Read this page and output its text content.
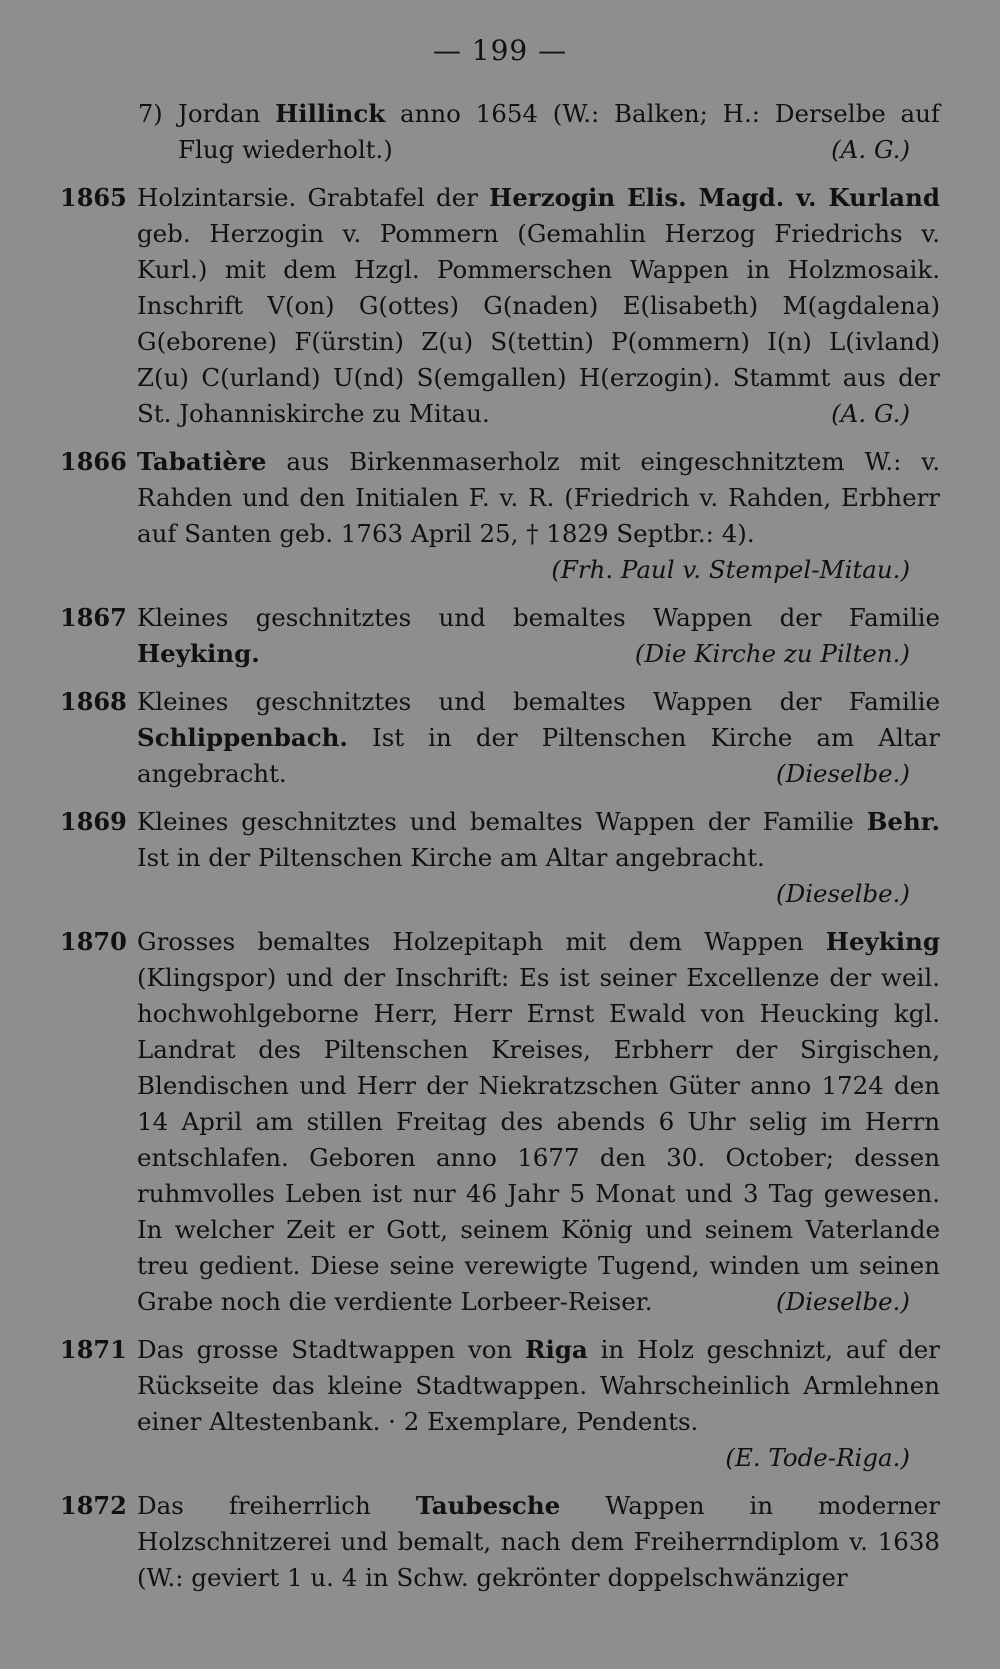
— 199 —
7) Jordan Hillinck anno 1654 (W.: Balken; H.: Derselbe auf Flug wiederholt.)	(A. G.)
1865 Holzintarsie. Grabtafel der Herzogin Elis. Magd. v. Kurland geb. Herzogin v. Pommern (Gemahlin Herzog Friedrichs v. Kurl.) mit dem Hzgl. Pommerschen Wappen in Holzmosaik. Inschrift V(on) G(ottes) G(naden) E(lisabeth) M(agdalena) G(eborene) F(ürstin) Z(u) S(tettin) P(ommern) I(n) L(ivland) Z(u) C(urland) U(nd) S(emgallen) H(erzogin). Stammt aus der St. Johanniskirche zu Mitau.	(A. G.)
1866 Tabatière aus Birkenmaserholz mit eingeschnitztem W.: v. Rahden und den Initialen F. v. R. (Friedrich v. Rahden, Erbherr auf Santen geb. 1763 April 25, † 1829 Septbr.: 4).
(Frh. Paul v. Stempel-Mitau.)
1867 Kleines geschnitztes und bemaltes Wappen der Familie Heyking.	(Die Kirche zu Pilten.)
1868 Kleines geschnitztes und bemaltes Wappen der Familie Schlippenbach. Ist in der Piltenschen Kirche am Altar angebracht.	(Dieselbe.)
1869 Kleines geschnitztes und bemaltes Wappen der Familie Behr. Ist in der Piltenschen Kirche am Altar angebracht.
(Dieselbe.)
1870 Grosses bemaltes Holzepitaph mit dem Wappen Heyking (Klingspor) und der Inschrift: Es ist seiner Excellenze der weil. hochwohlgeborne Herr, Herr Ernst Ewald von Heucking kgl. Landrat des Piltenschen Kreises, Erbherr der Sirgischen, Blendischen und Herr der Niekratzschen Güter anno 1724 den 14 April am stillen Freitag des abends 6 Uhr selig im Herrn entschlafen. Geboren anno 1677 den 30. October; dessen ruhmvolles Leben ist nur 46 Jahr 5 Monat und 3 Tag gewesen. In welcher Zeit er Gott, seinem König und seinem Vaterlande treu gedient. Diese seine verewigte Tugend, winden um seinen Grabe noch die verdiente Lorbeer-Reiser.	(Dieselbe.)
1871 Das grosse Stadtwappen von Riga in Holz geschnizt, auf der Rückseite das kleine Stadtwappen. Wahrscheinlich Armlehnen einer Altestenbank. · 2 Exemplare, Pendents.
(E. Tode-Riga.)
1872 Das freiherrlich Taubesche Wappen in moderner Holzschnitzerei und bemalt, nach dem Freiherrndiplom v. 1638 (W.: geviert 1 u. 4 in Schw. gekrönter doppelschwänziger
